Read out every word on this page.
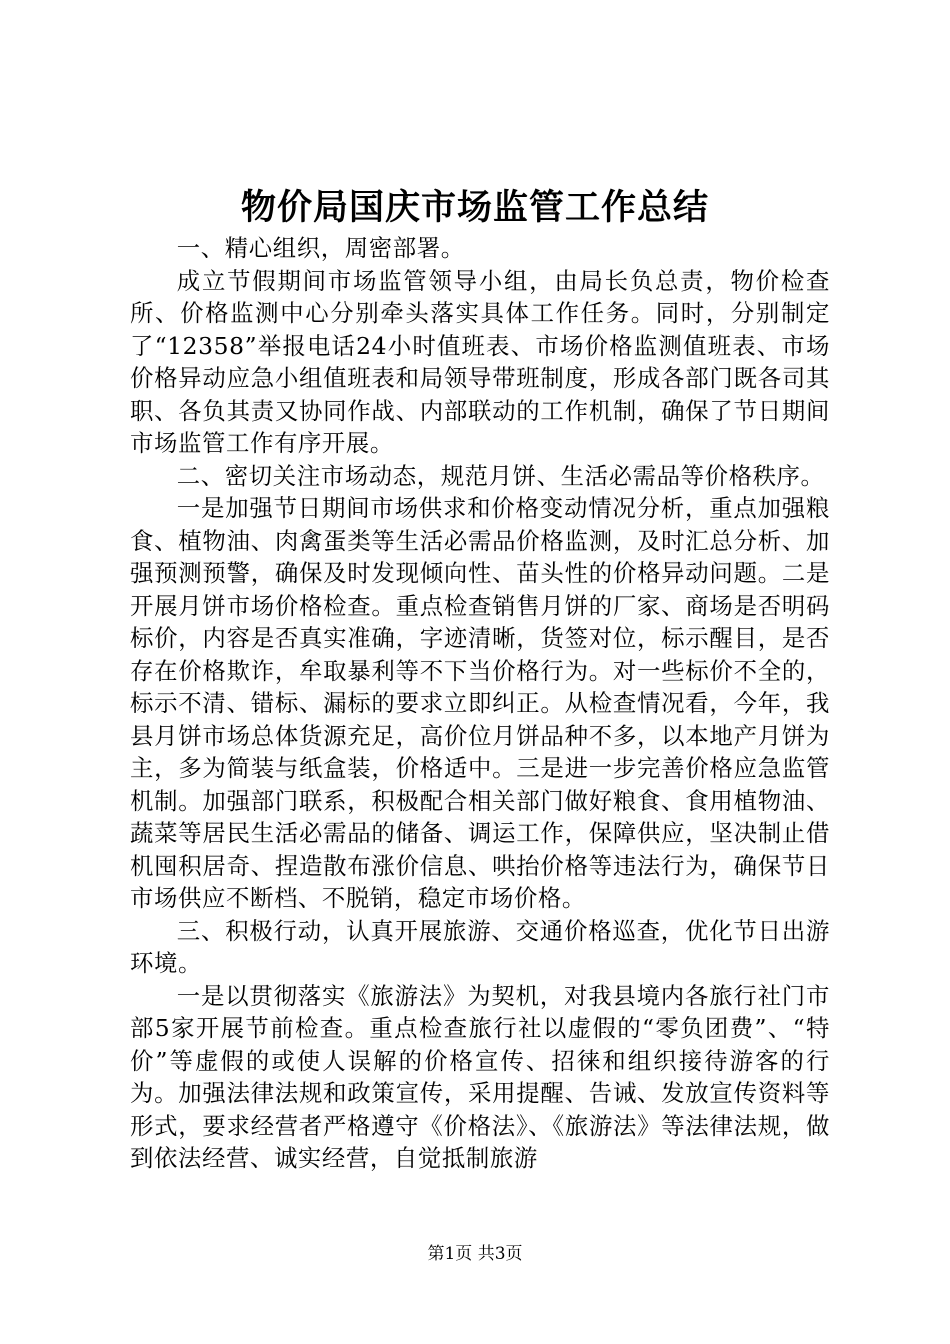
物价局国庆市场监管工作总结

一、精心组织，周密部署。

成立节假期间市场监管领导小组，由局长负总责，物价检查所、价格监测中心分别牵头落实具体工作任务。同时，分别制定了“12358”举报电话24小时值班表、市场价格监测值班表、市场价格异动应急小组值班表和局领导带班制度，形成各部门既各司其职、各负其责又协同作战、内部联动的工作机制，确保了节日期间市场监管工作有序开展。

二、密切关注市场动态，规范月饼、生活必需品等价格秩序。

一是加强节日期间市场供求和价格变动情况分析，重点加强粮食、植物油、肉禽蛋类等生活必需品价格监测，及时汇总分析、加强预测预警，确保及时发现倾向性、苗头性的价格异动问题。二是开展月饼市场价格检查。重点检查销售月饼的厂家、商场是否明码标价，内容是否真实准确，字迹清晰，货签对位，标示醒目，是否存在价格欺诈，牟取暴利等不下当价格行为。对一些标价不全的，标示不清、错标、漏标的要求立即纠正。从检查情况看，今年，我县月饼市场总体货源充足，高价位月饼品种不多，以本地产月饼为主，多为简装与纸盒装，价格适中。三是进一步完善价格应急监管机制。加强部门联系，积极配合相关部门做好粮食、食用植物油、蔬菜等居民生活必需品的储备、调运工作，保障供应，坚决制止借机囤积居奇、捏造散布涨价信息、哄抬价格等违法行为，确保节日市场供应不断档、不脱销，稳定市场价格。

三、积极行动，认真开展旅游、交通价格巡查，优化节日出游环境。

一是以贯彻落实《旅游法》为契机，对我县境内各旅行社门市部5家开展节前检查。重点检查旅行社以虚假的“零负团费”、“特价”等虚假的或使人误解的价格宣传、招徕和组织接待游客的行为。加强法律法规和政策宣传，采用提醒、告诫、发放宣传资料等形式，要求经营者严格遵守《价格法》、《旅游法》等法律法规，做到依法经营、诚实经营，自觉抵制旅游

第1页 共3页
